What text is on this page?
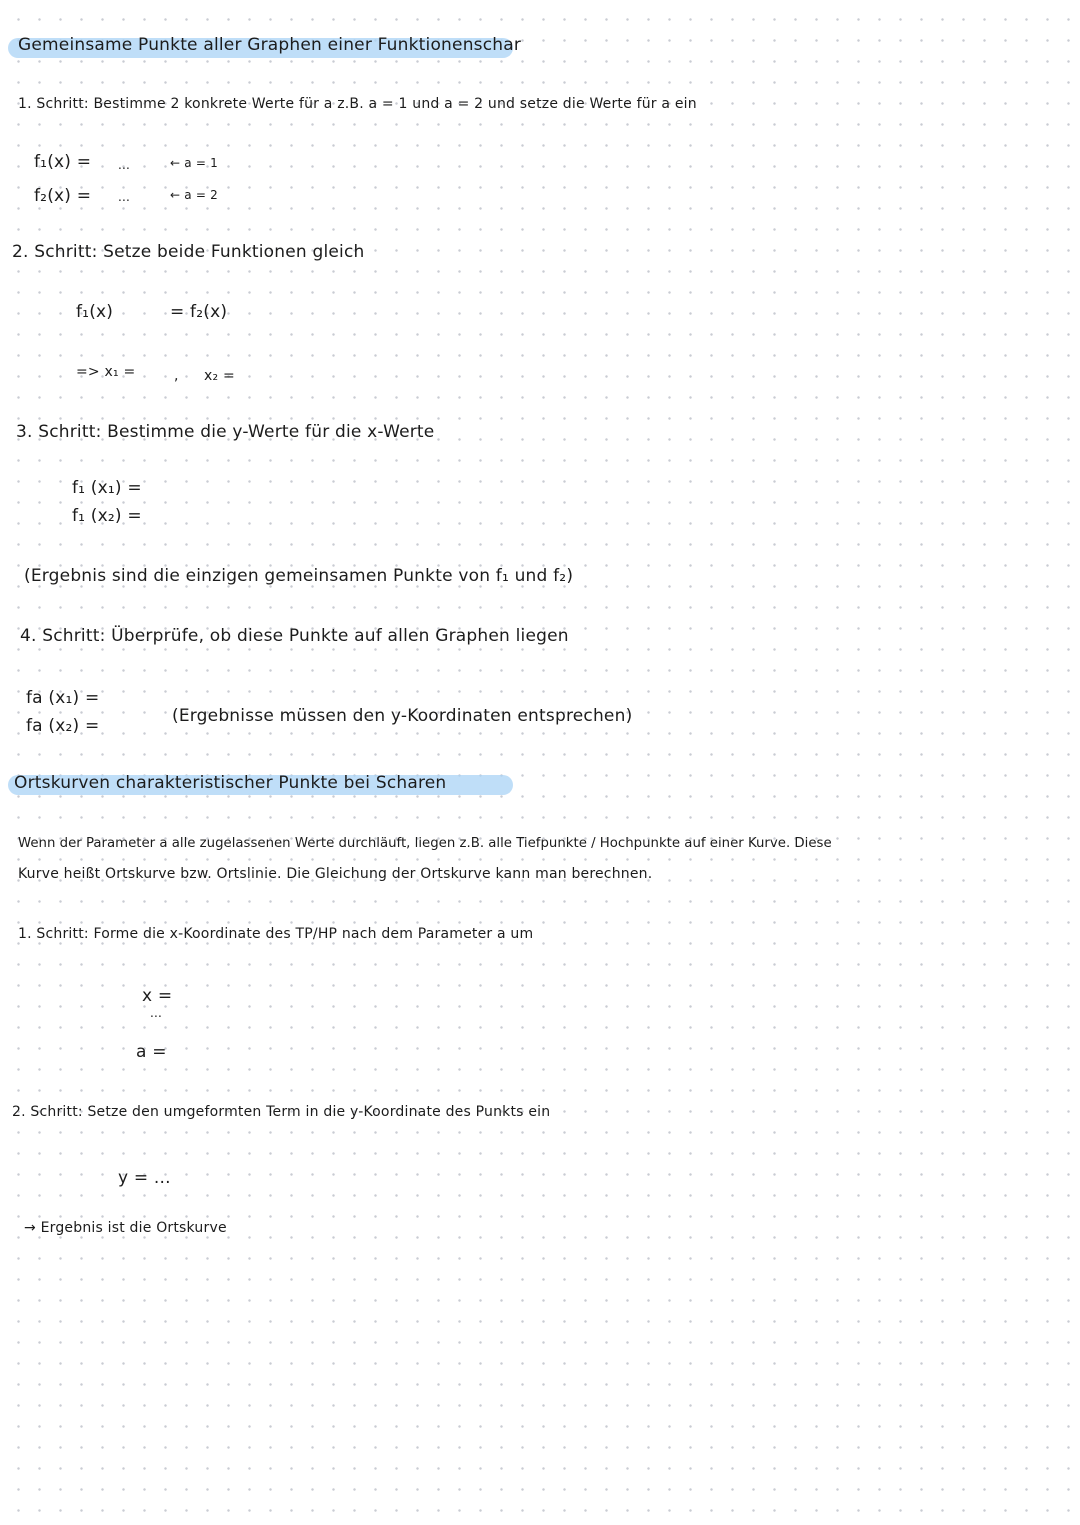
Gemeinsame Punkte aller Graphen einer Funktionenschar
1. Schritt: Bestimme 2 konkrete Werte für a z.B. a = 1 und a = 2 und setze die Werte für a ein
f₁(x) = ...	← a = 1
f₂(x) = ...	← a = 2
2. Schritt: Setze beide Funktionen gleich
f₁(x)	= f₂(x)
=> x₁ =	, x₂ =
3. Schritt: Bestimme die y-Werte für die x-Werte
f₁ (x₁) =
f₁ (x₂) =
(Ergebnis sind die einzigen gemeinsamen Punkte von f₁ und f₂)
4. Schritt: Überprüfe, ob diese Punkte auf allen Graphen liegen
fa (x₁) =
fa (x₂) =	(Ergebnisse müssen den y-Koordinaten entsprechen)
Ortskurven charakteristischer Punkte bei Scharen
Wenn der Parameter a alle zugelassenen Werte durchläuft, liegen z.B. alle Tiefpunkte / Hochpunkte auf einer Kurve. Diese
Kurve heißt Ortskurve bzw. Ortslinie. Die Gleichung der Ortskurve kann man berechnen.
1. Schritt: Forme die x-Koordinate des TP/HP nach dem Parameter a um
x =
...
a =
2. Schritt: Setze den umgeformten Term in die y-Koordinate des Punkts ein
y = ...
→ Ergebnis ist die Ortskurve
